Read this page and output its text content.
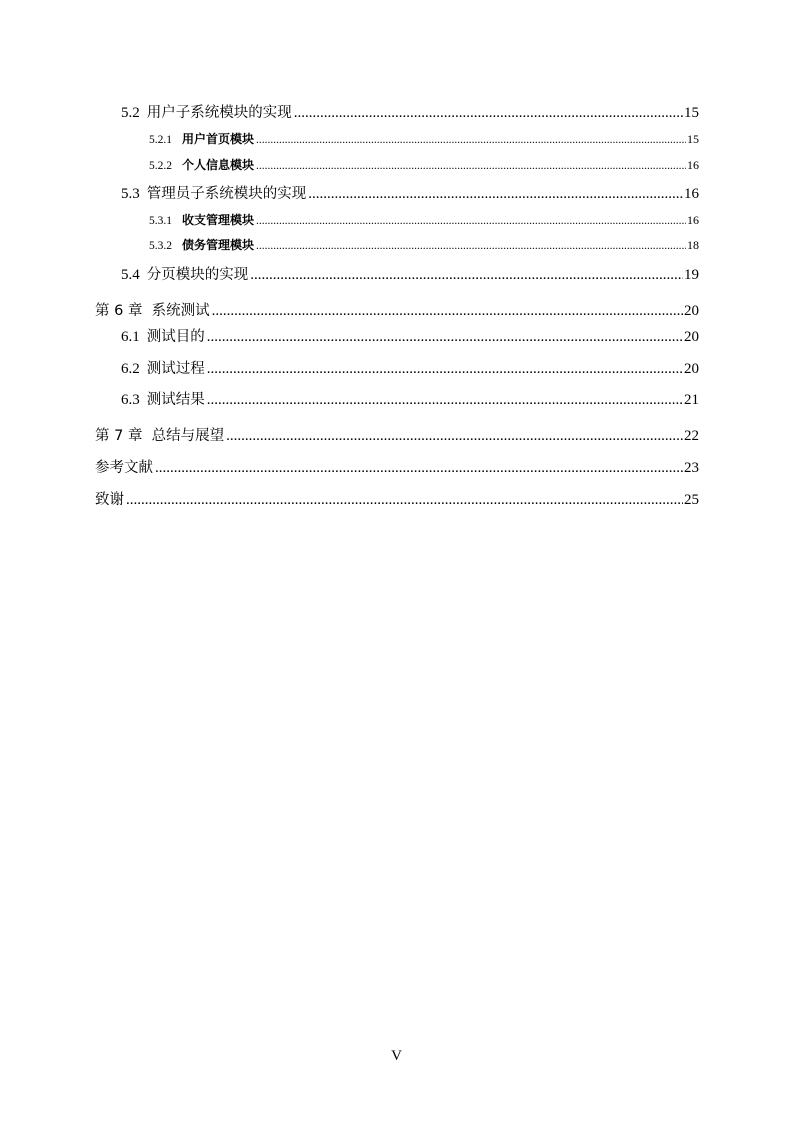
5.2 用户子系统模块的实现 .....	15
5.2.1 用户首页模块 .....	15
5.2.2 个人信息模块 .....	16
5.3 管理员子系统模块的实现 .....	16
5.3.1 收支管理模块 .....	16
5.3.2 债务管理模块 .....	18
5.4 分页模块的实现 .....	19
第 6 章  系统测试 .....	20
6.1 测试目的 .....	20
6.2 测试过程 .....	20
6.3 测试结果 .....	21
第 7 章  总结与展望 .....	22
参考文献 .....	23
致谢 .....	25
V
